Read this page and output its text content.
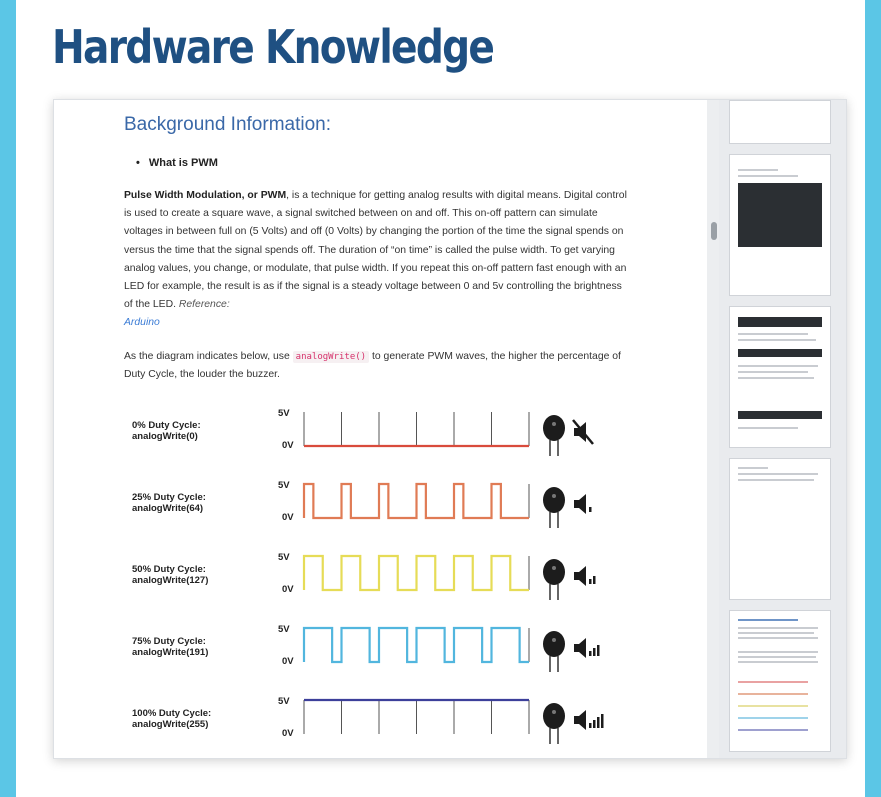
Hardware Knowledge
Background Information:
• What is PWM

Pulse Width Modulation, or PWM, is a technique for getting analog results with digital means. Digital control is used to create a square wave, a signal switched between on and off. This on-off pattern can simulate voltages in between full on (5 Volts) and off (0 Volts) by changing the portion of the time the signal spends on versus the time that the signal spends off. The duration of “on time” is called the pulse width. To get varying analog values, you change, or modulate, that pulse width. If you repeat this on-off pattern fast enough with an LED for example, the result is as if the signal is a steady voltage between 0 and 5v controlling the brightness of the LED. Reference:
Arduino

As the diagram indicates below, use analogWrite() to generate PWM waves, the higher the percentage of Duty Cycle, the louder the buzzer.

0% Duty Cycle:
analogWrite(0)
5V
0V
25% Duty Cycle:
analogWrite(64)
5V
0V
50% Duty Cycle:
analogWrite(127)
5V
0V
75% Duty Cycle:
analogWrite(191)
5V
0V
100% Duty Cycle:
analogWrite(255)
5V
0V
